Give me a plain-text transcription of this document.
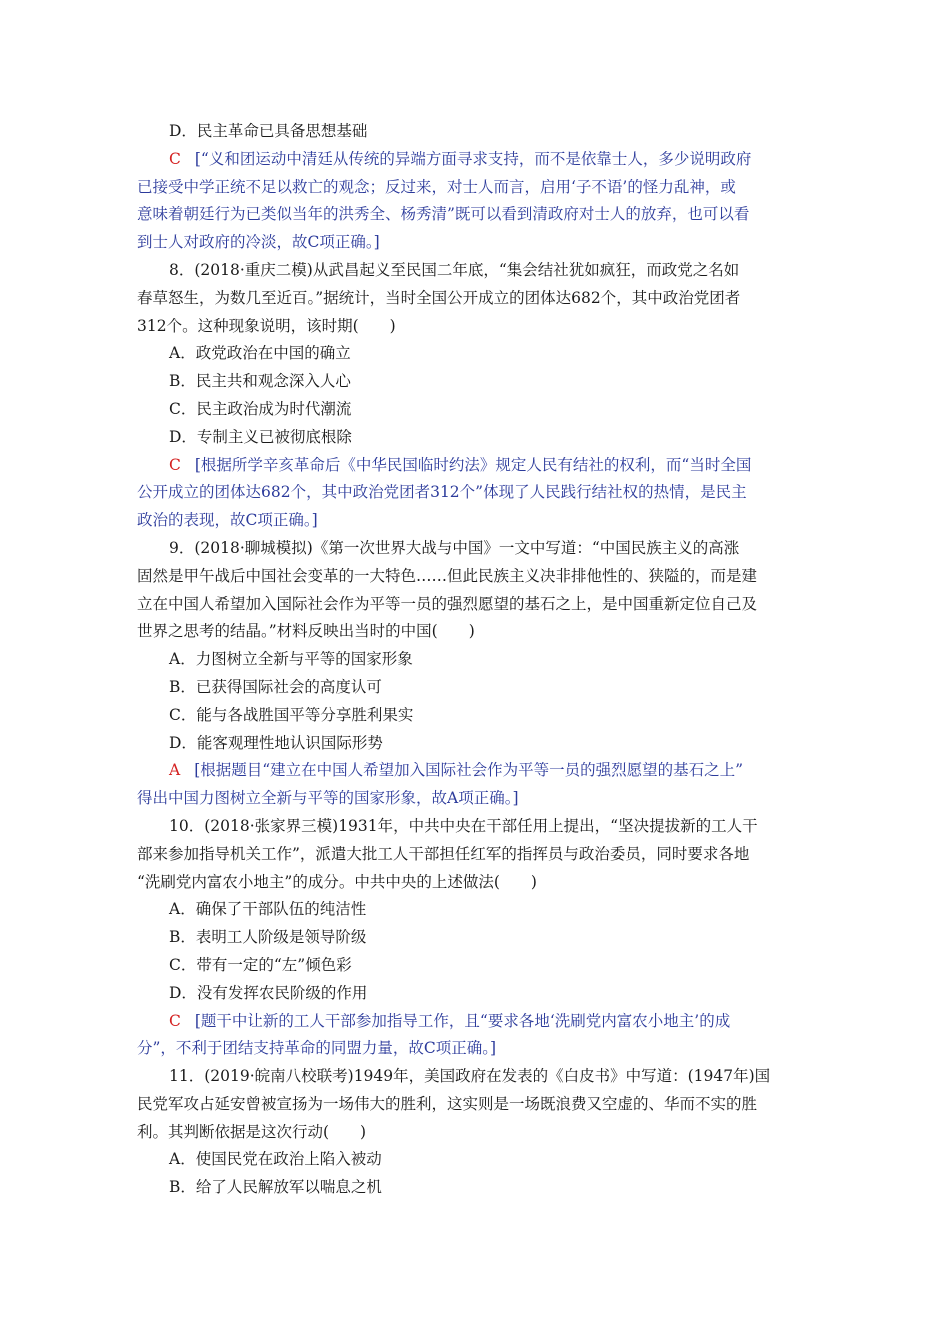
D．民主革命已具备思想基础
C [“义和团运动中清廷从传统的异端方面寻求支持，而不是依靠士人，多少说明政府
已接受中学正统不足以救亡的观念；反过来，对士人而言，启用‘子不语’的怪力乱神，或
意味着朝廷行为已类似当年的洪秀全、杨秀清”既可以看到清政府对士人的放弃，也可以看
到士人对政府的冷淡，故C项正确。]
8．(2018·重庆二模)从武昌起义至民国二年底，“集会结社犹如疯狂，而政党之名如
春草怒生，为数几至近百。”据统计，当时全国公开成立的团体达682个，其中政治党团者
312个。这种现象说明，该时期(　　)
A．政党政治在中国的确立
B．民主共和观念深入人心
C．民主政治成为时代潮流
D．专制主义已被彻底根除
C [根据所学辛亥革命后《中华民国临时约法》规定人民有结社的权利，而“当时全国
公开成立的团体达682个，其中政治党团者312个”体现了人民践行结社权的热情，是民主
政治的表现，故C项正确。]
9．(2018·聊城模拟)《第一次世界大战与中国》一文中写道：“中国民族主义的高涨
固然是甲午战后中国社会变革的一大特色……但此民族主义决非排他性的、狭隘的，而是建
立在中国人希望加入国际社会作为平等一员的强烈愿望的基石之上，是中国重新定位自己及
世界之思考的结晶。”材料反映出当时的中国(　　)
A．力图树立全新与平等的国家形象
B．已获得国际社会的高度认可
C．能与各战胜国平等分享胜利果实
D．能客观理性地认识国际形势
A [根据题目“建立在中国人希望加入国际社会作为平等一员的强烈愿望的基石之上”
得出中国力图树立全新与平等的国家形象，故A项正确。]
10．(2018·张家界三模)1931年，中共中央在干部任用上提出，“坚决提拔新的工人干
部来参加指导机关工作”，派遣大批工人干部担任红军的指挥员与政治委员，同时要求各地
“洗刷党内富农小地主”的成分。中共中央的上述做法(　　)
A．确保了干部队伍的纯洁性
B．表明工人阶级是领导阶级
C．带有一定的“左”倾色彩
D．没有发挥农民阶级的作用
C [题干中让新的工人干部参加指导工作，且“要求各地‘洗刷党内富农小地主’的成
分”，不利于团结支持革命的同盟力量，故C项正确。]
11．(2019·皖南八校联考)1949年，美国政府在发表的《白皮书》中写道：(1947年)国
民党军攻占延安曾被宣扬为一场伟大的胜利，这实则是一场既浪费又空虚的、华而不实的胜
利。其判断依据是这次行动(　　)
A．使国民党在政治上陷入被动
B．给了人民解放军以喘息之机
